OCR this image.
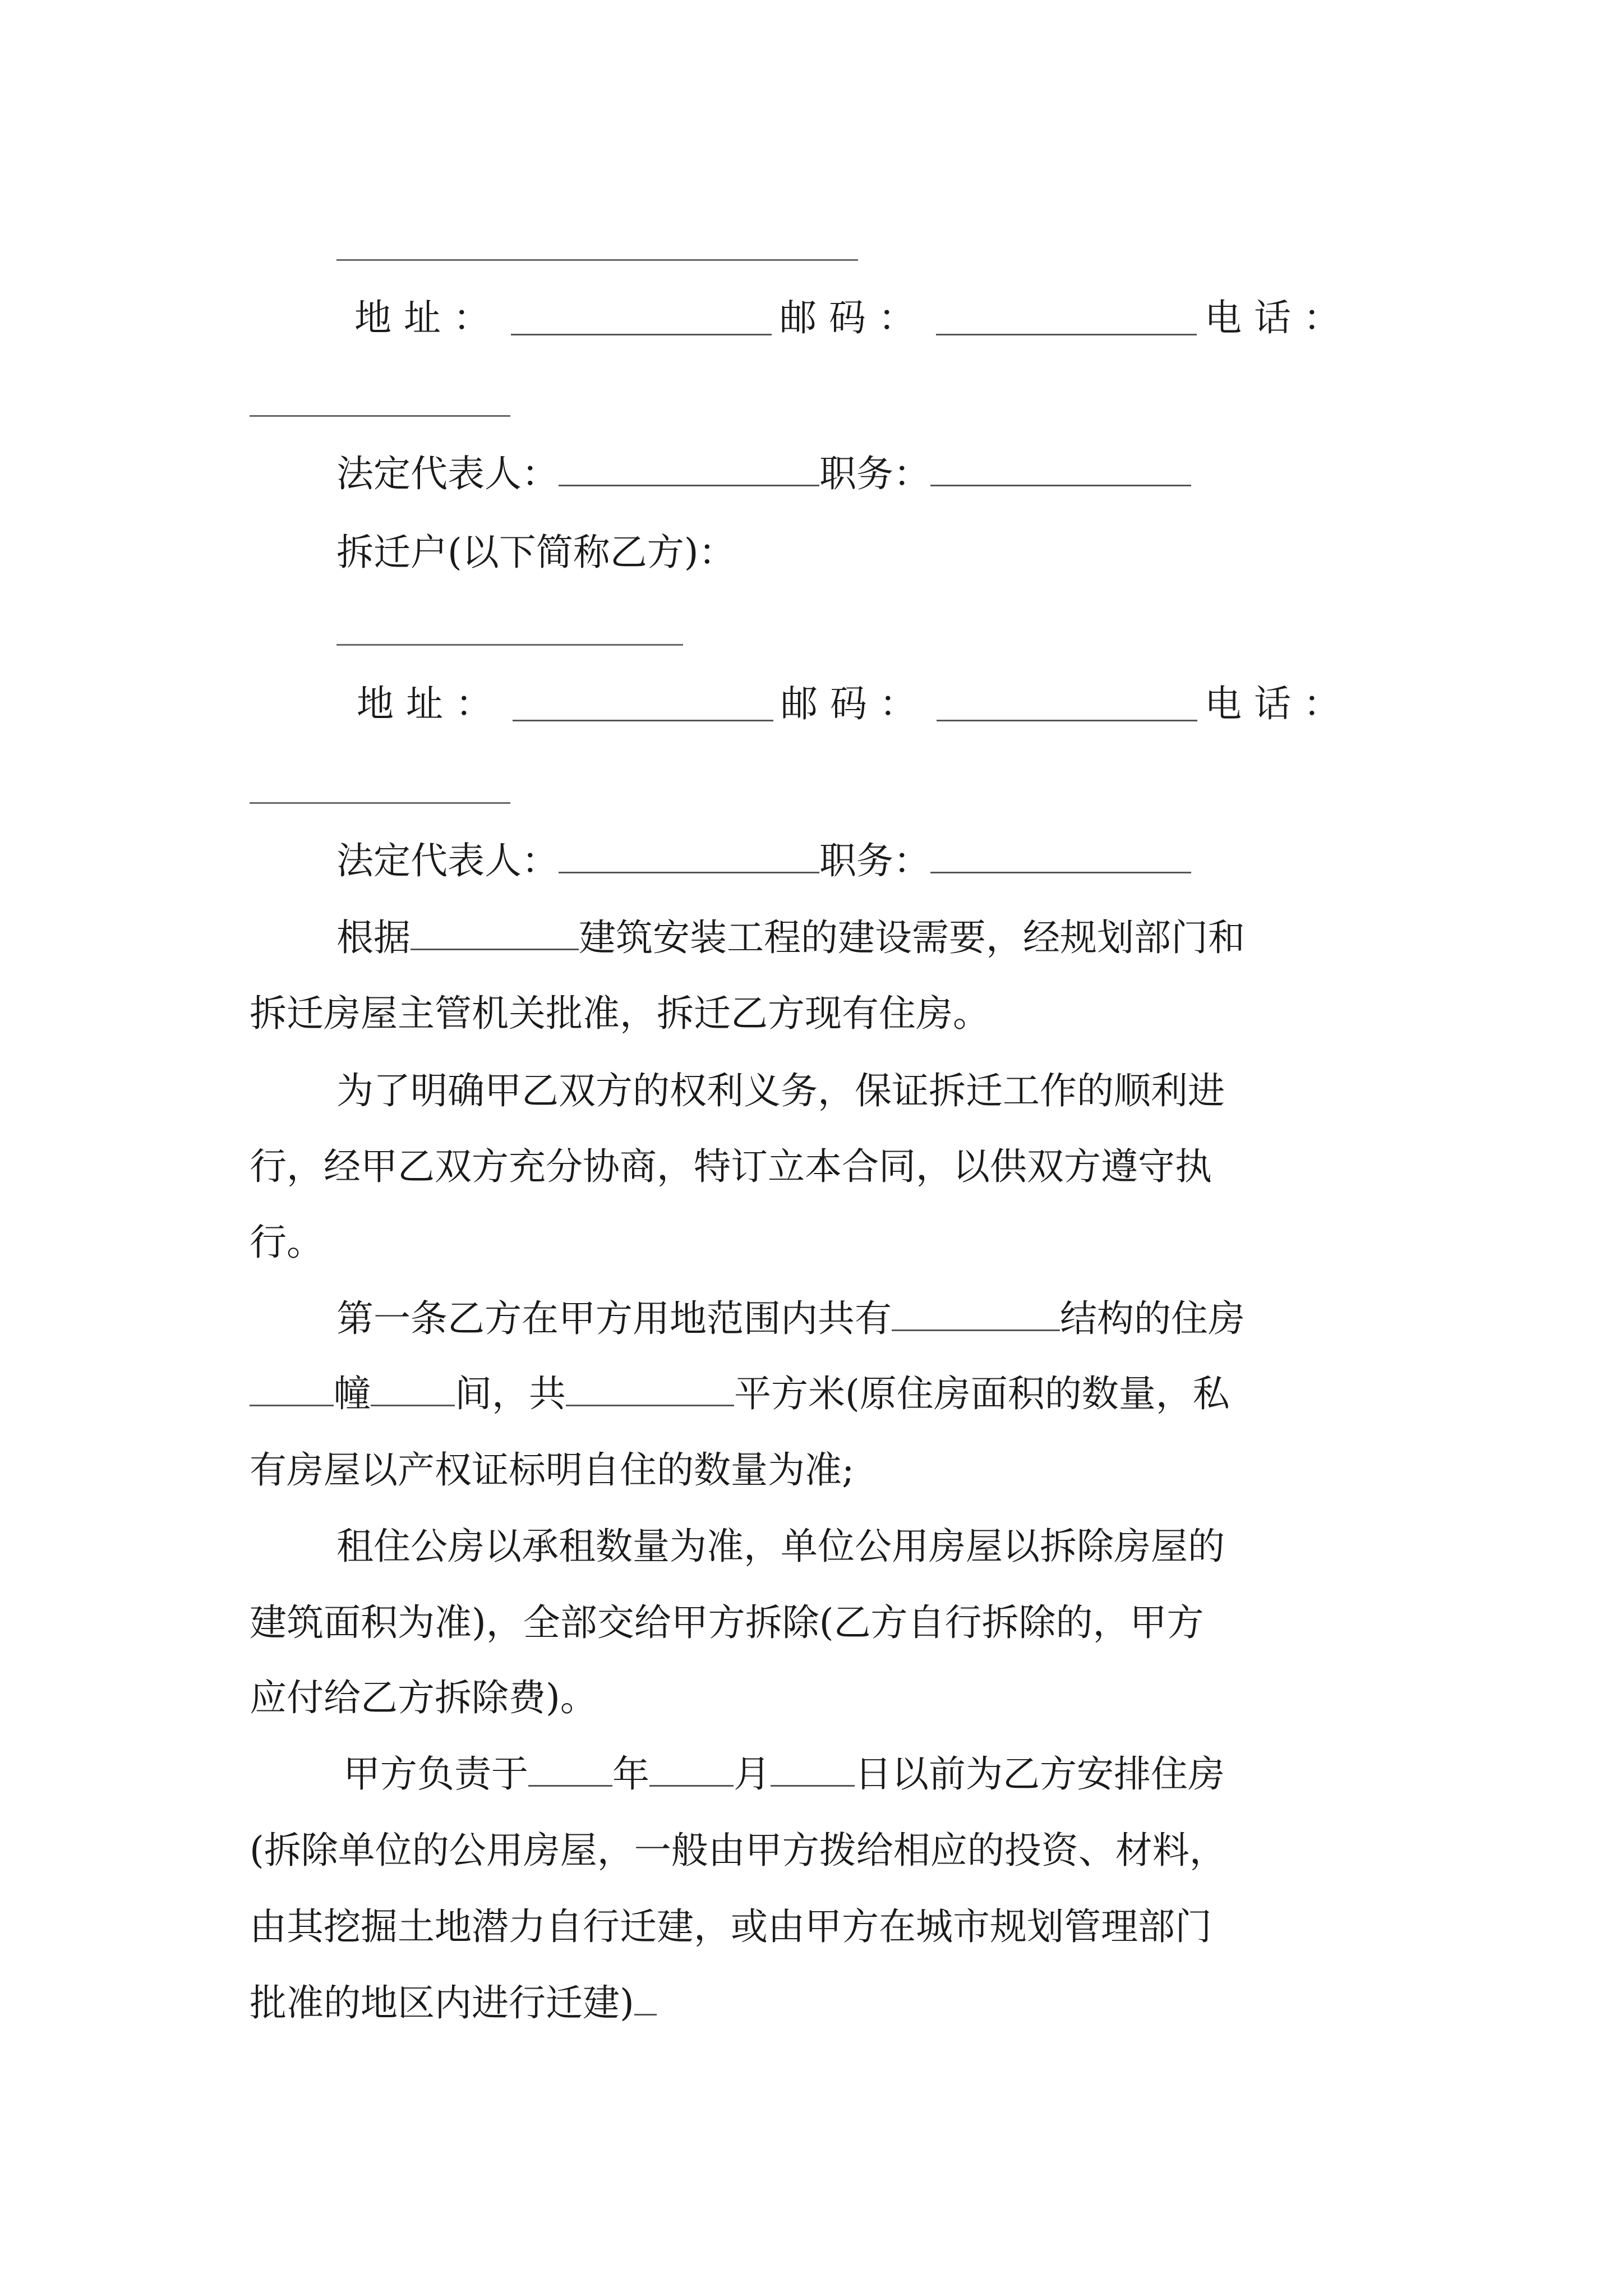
地址：	邮码：	电话：
法定代表人：	职务：
拆迁户(以下简称乙方)：
地址：	邮码：	电话：
法定代表人：	职务：
根据	建筑安装工程的建设需要，经规划部门和
拆迁房屋主管机关批准，拆迁乙方现有住房。
为了明确甲乙双方的权利义务，保证拆迁工作的顺利进
行，经甲乙双方充分协商，特订立本合同，以供双方遵守执
行。
第一条乙方在甲方用地范围内共有	结构的住房
幢 间，共	平方米(原住房面积的数量，私
有房屋以产权证标明自住的数量为准;
租住公房以承租数量为准，单位公用房屋以拆除房屋的
建筑面积为准)，全部交给甲方拆除(乙方自行拆除的，甲方
应付给乙方拆除费)。
甲方负责于 年 月 日以前为乙方安排住房
(拆除单位的公用房屋，一般由甲方拨给相应的投资、材料，
由其挖掘土地潜力自行迁建，或由甲方在城市规划管理部门
批准的地区内进行迁建)
